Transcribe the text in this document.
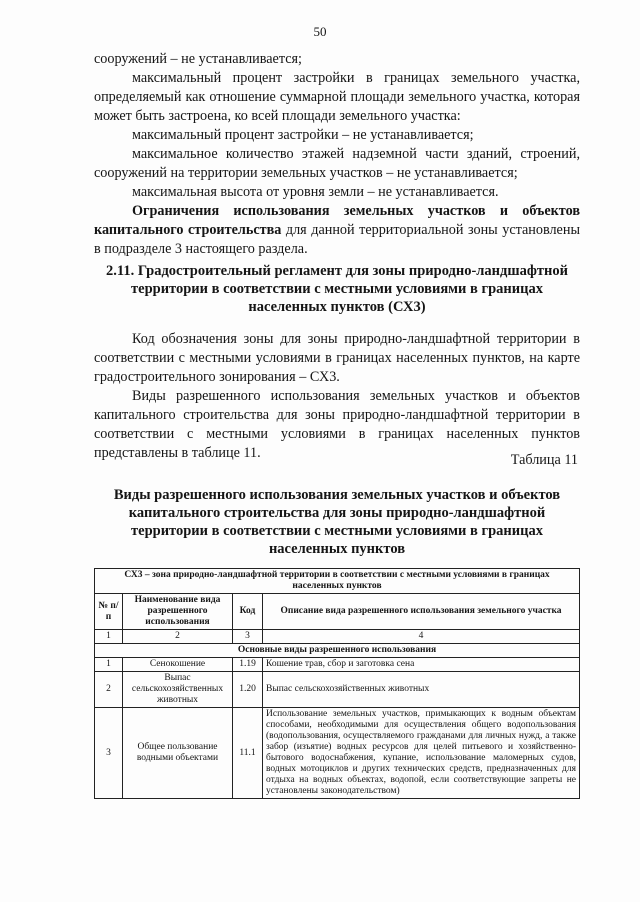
50

сооружений – не устанавливается;

максимальный процент застройки в границах земельного участка, определяемый как отношение суммарной площади земельного участка, которая может быть застроена, ко всей площади земельного участка:

максимальный процент застройки – не устанавливается;

максимальное количество этажей надземной части зданий, строений, сооружений на территории земельных участков – не устанавливается;

максимальная высота от уровня земли – не устанавливается.

Ограничения использования земельных участков и объектов капитального строительства для данной территориальной зоны установлены в подразделе 3 настоящего раздела.

2.11. Градостроительный регламент для зоны природно-ландшафтной территории в соответствии с местными условиями в границах населенных пунктов (СХ3)

Код обозначения зоны для зоны природно-ландшафтной территории в соответствии с местными условиями в границах населенных пунктов, на карте градостроительного зонирования – СХ3.

Виды разрешенного использования земельных участков и объектов капитального строительства для зоны природно-ландшафтной территории в соответствии с местными условиями в границах населенных пунктов представлены в таблице 11.	Таблица 11
Виды разрешенного использования земельных участков и объектов капитального строительства для зоны природно-ландшафтной территории в соответствии с местными условиями в границах населенных пунктов
СХ3 – зона природно-ландшафтной территории в соответствии с местными условиями в границах населенных пунктов			
№ п/п	Наименование вида разрешенного использования	Код	Описание вида разрешенного использования земельного участка
1	2	3	4
Основные виды разрешенного использования			
1	Сенокошение	1.19	Кошение трав, сбор и заготовка сена
2	Выпас сельскохозяйственных животных	1.20	Выпас сельскохозяйственных животных
3	Общее пользование водными объектами	11.1	Использование земельных участков, примыкающих к водным объектам способами, необходимыми для осуществления общего водопользования (водопользования, осуществляемого гражданами для личных нужд, а также забор (изъятие) водных ресурсов для целей питьевого и хозяйственно-бытового водоснабжения, купание, использование маломерных судов, водных мотоциклов и других технических средств, предназначенных для отдыха на водных объектах, водопой, если соответствующие запреты не установлены законодательством)
